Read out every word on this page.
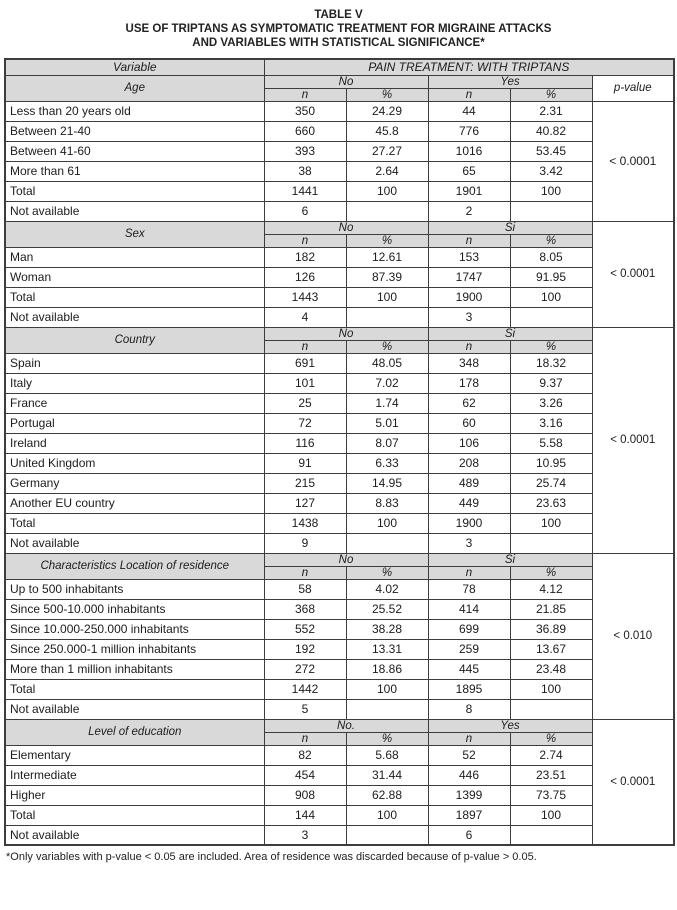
TABLE V
USE OF TRIPTANS AS SYMPTOMATIC TREATMENT FOR MIGRAINE ATTACKS
AND VARIABLES WITH STATISTICAL SIGNIFICANCE*
Variable	PAIN TREATMENT: WITH TRIPTANS				
Age	No		Yes		p-value
	n	%	n	%	
Less than 20 years old	350	24.29	44	2.31	< 0.0001
Between 21-40	660	45.8	776	40.82	
Between 41-60	393	27.27	1016	53.45	
More than 61	38	2.64	65	3.42	
Total	1441	100	1901	100	
Not available	6		2		
Sex	No		Si		< 0.0001
	n	%	n	%	
Man	182	12.61	153	8.05	
Woman	126	87.39	1747	91.95	
Total	1443	100	1900	100	
Not available	4		3		
Country	No		Si		< 0.0001
	n	%	n	%	
Spain	691	48.05	348	18.32	
Italy	101	7.02	178	9.37	
France	25	1.74	62	3.26	
Portugal	72	5.01	60	3.16	
Ireland	116	8.07	106	5.58	
United Kingdom	91	6.33	208	10.95	
Germany	215	14.95	489	25.74	
Another EU country	127	8.83	449	23.63	
Total	1438	100	1900	100	
Not available	9		3		
Characteristics Location of residence	No		Si		< 0.010
	n	%	n	%	
Up to 500 inhabitants	58	4.02	78	4.12	
Since 500-10.000 inhabitants	368	25.52	414	21.85	
Since 10.000-250.000 inhabitants	552	38.28	699	36.89	
Since 250.000-1 million inhabitants	192	13.31	259	13.67	
More than 1 million inhabitants	272	18.86	445	23.48	
Total	1442	100	1895	100	
Not available	5		8		
Level of education	No.		Yes		< 0.0001
	n	%	n	%	
Elementary	82	5.68	52	2.74	
Intermediate	454	31.44	446	23.51	
Higher	908	62.88	1399	73.75	
Total	144	100	1897	100	
Not available	3		6		
*Only variables with p-value < 0.05 are included. Area of residence was discarded because of p-value > 0.05.
